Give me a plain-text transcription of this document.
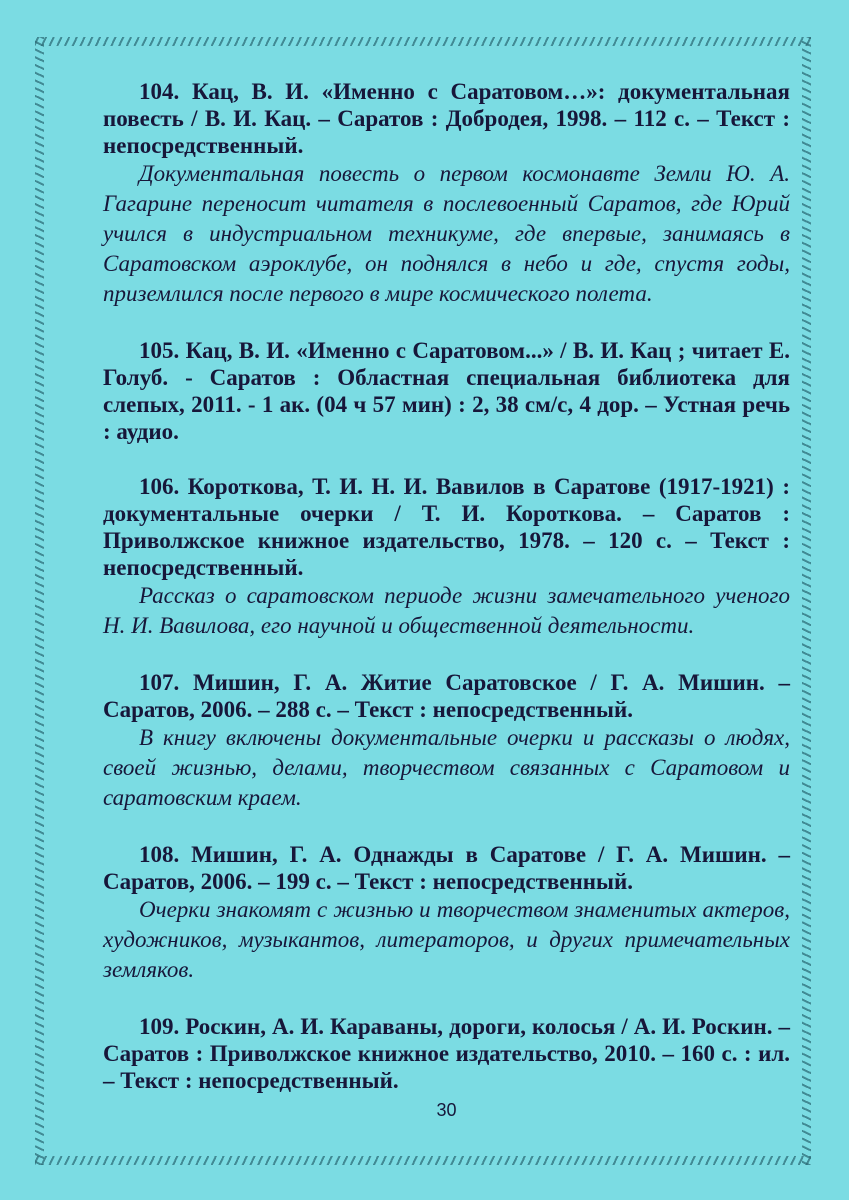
104. Кац, В. И. «Именно с Саратовом…»: документальная повесть / В. И. Кац. – Саратов : Добродея, 1998. – 112 с. – Текст : непосредственный.

Документальная повесть о первом космонавте Земли Ю. А. Гагарине переносит читателя в послевоенный Саратов, где Юрий учился в индустриальном техникуме, где впервые, занимаясь в Саратовском аэроклубе, он поднялся в небо и где, спустя годы, приземлился после первого в мире космического полета.

105. Кац, В. И. «Именно с Саратовом...» / В. И. Кац ; читает Е. Голуб. - Саратов : Областная специальная библиотека для слепых, 2011. - 1 ак. (04 ч 57 мин) : 2, 38 см/с, 4 дор. – Устная речь : аудио.

106. Короткова, Т. И. Н. И. Вавилов в Саратове (1917-1921) : документальные очерки / Т. И. Короткова. – Саратов : Приволжское книжное издательство, 1978. – 120 с. – Текст : непосредственный.

Рассказ о саратовском периоде жизни замечательного ученого Н. И. Вавилова, его научной и общественной деятельности.

107. Мишин, Г. А. Житие Саратовское / Г. А. Мишин. – Саратов, 2006. – 288 с. – Текст : непосредственный.

В книгу включены документальные очерки и рассказы о людях, своей жизнью, делами, творчеством связанных с Саратовом и саратовским краем.

108. Мишин, Г. А. Однажды в Саратове / Г. А. Мишин. – Саратов, 2006. – 199 с. – Текст : непосредственный.

Очерки знакомят с жизнью и творчеством знаменитых актеров, художников, музыкантов, литераторов, и других примечательных земляков.

109. Роскин, А. И. Караваны, дороги, колосья / А. И. Роскин. – Саратов : Приволжское книжное издательство, 2010. – 160 с. : ил. – Текст : непосредственный.

30
